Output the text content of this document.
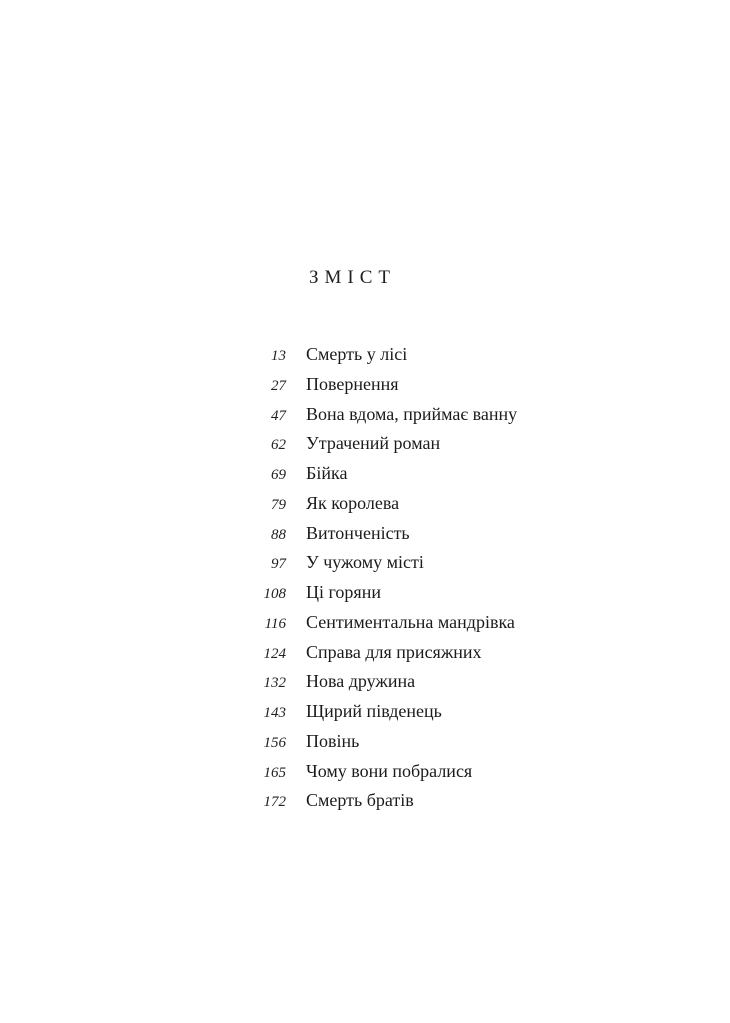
ЗМІСТ
13 Смерть у лісі
27 Повернення
47 Вона вдома, приймає ванну
62 Утрачений роман
69 Бійка
79 Як королева
88 Витонченість
97 У чужому місті
108 Ці горяни
116 Сентиментальна мандрівка
124 Справа для присяжних
132 Нова дружина
143 Щирий південець
156 Повінь
165 Чому вони побралися
172 Смерть братів
